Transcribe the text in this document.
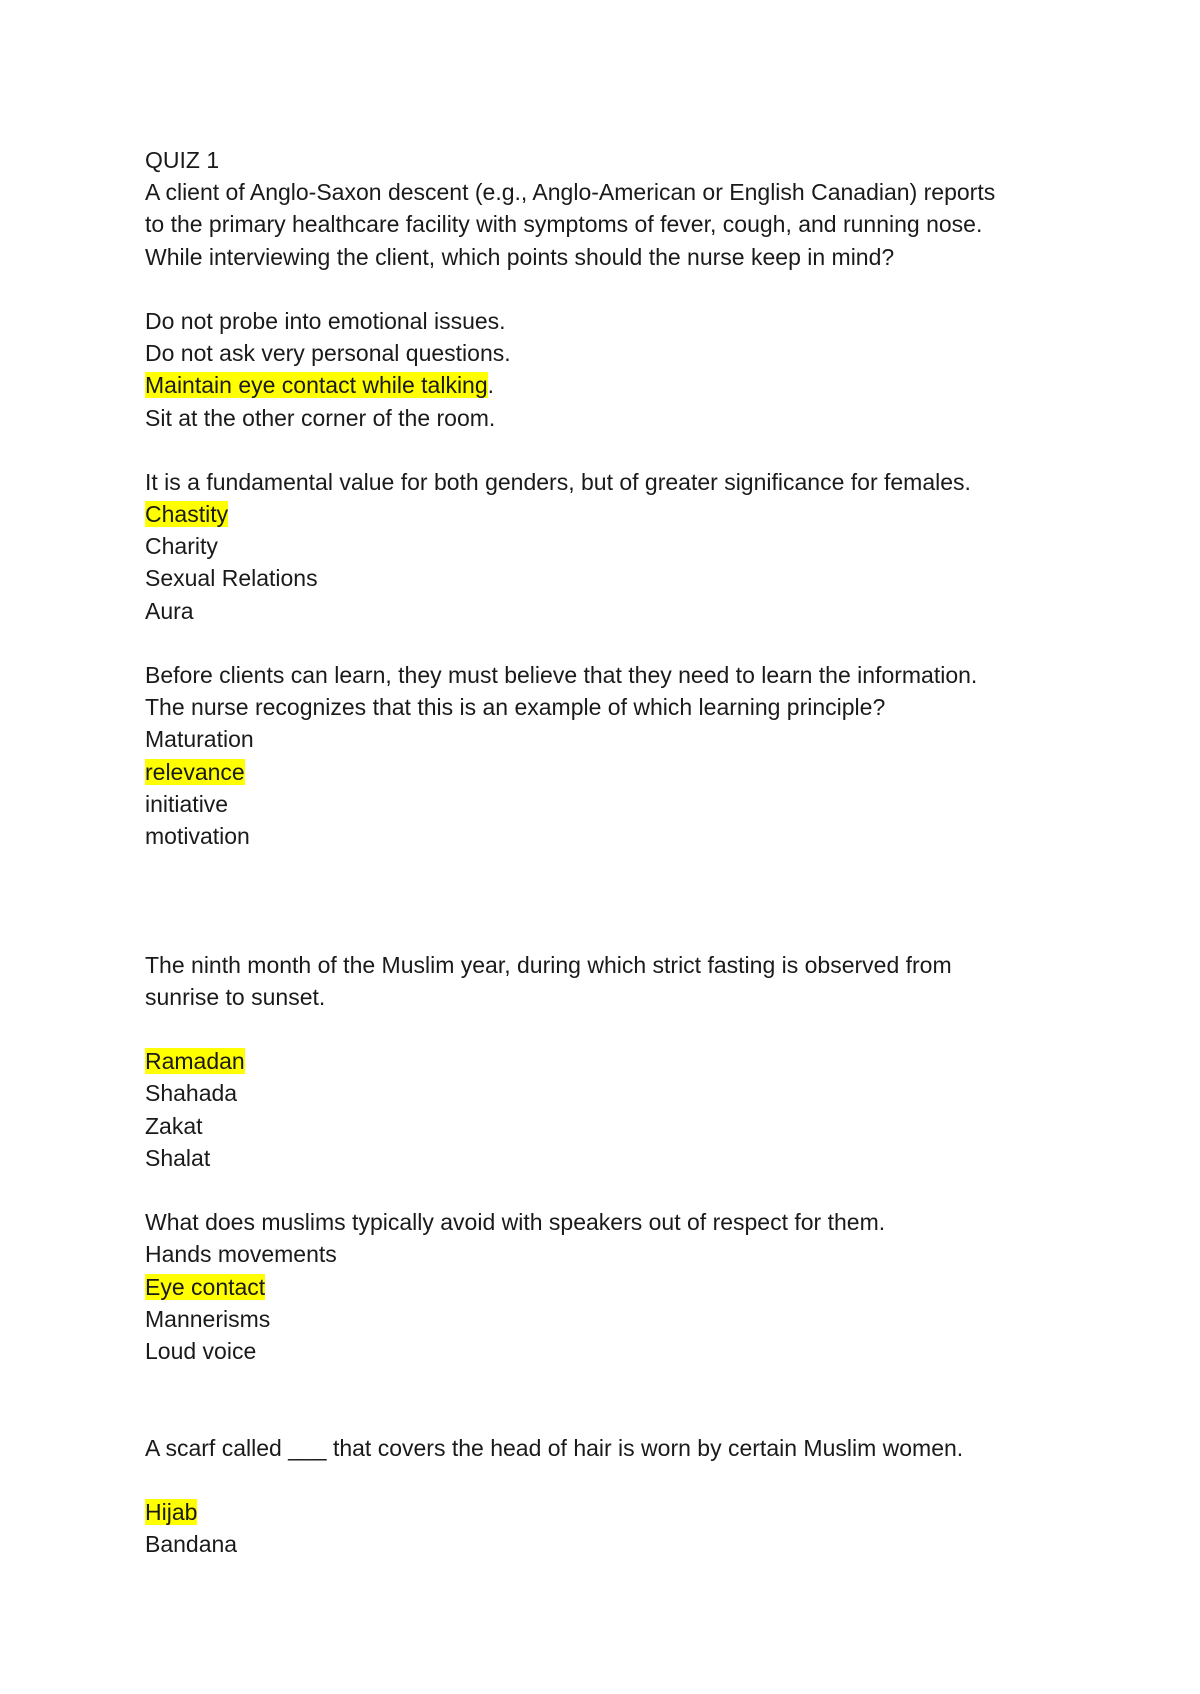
QUIZ 1
A client of Anglo-Saxon descent (e.g., Anglo-American or English Canadian) reports
to the primary healthcare facility with symptoms of fever, cough, and running nose.
While interviewing the client, which points should the nurse keep in mind?
Do not probe into emotional issues.
Do not ask very personal questions.
Maintain eye contact while talking.
Sit at the other corner of the room.
It is a fundamental value for both genders, but of greater significance for females.
Chastity
Charity
Sexual Relations
Aura
Before clients can learn, they must believe that they need to learn the information.
The nurse recognizes that this is an example of which learning principle?
Maturation
relevance
initiative
motivation
The ninth month of the Muslim year, during which strict fasting is observed from
sunrise to sunset.
Ramadan
Shahada
Zakat
Shalat
What does muslims typically avoid with speakers out of respect for them.
Hands movements
Eye contact
Mannerisms
Loud voice
A scarf called ___ that covers the head of hair is worn by certain Muslim women.
Hijab
Bandana
